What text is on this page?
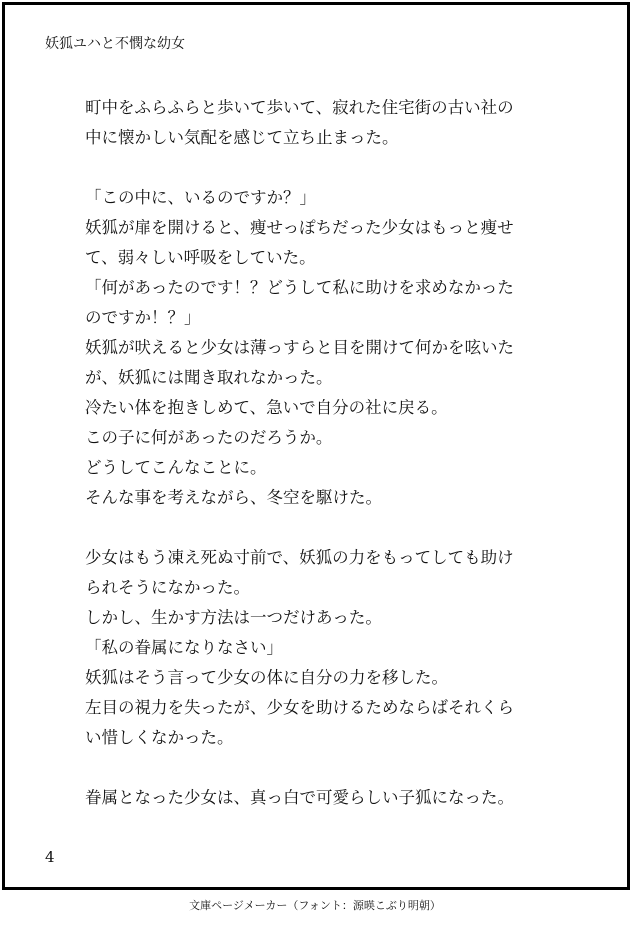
妖狐ユハと不憫な幼女
町中をふらふらと歩いて歩いて、寂れた住宅街の古い社の
中に懐かしい気配を感じて立ち止まった。
「この中に、いるのですか？」
妖狐が扉を開けると、痩せっぽちだった少女はもっと痩せ
て、弱々しい呼吸をしていた。
「何があったのです！？どうして私に助けを求めなかった
のですか！？」
妖狐が吠えると少女は薄っすらと目を開けて何かを呟いた
が、妖狐には聞き取れなかった。
冷たい体を抱きしめて、急いで自分の社に戻る。
この子に何があったのだろうか。
どうしてこんなことに。
そんな事を考えながら、冬空を駆けた。
少女はもう凍え死ぬ寸前で、妖狐の力をもってしても助け
られそうになかった。
しかし、生かす方法は一つだけあった。
「私の眷属になりなさい」
妖狐はそう言って少女の体に自分の力を移した。
左目の視力を失ったが、少女を助けるためならばそれくら
い惜しくなかった。
眷属となった少女は、真っ白で可愛らしい子狐になった。
4
文庫ページメーカー（フォント：源暎こぶり明朝）
